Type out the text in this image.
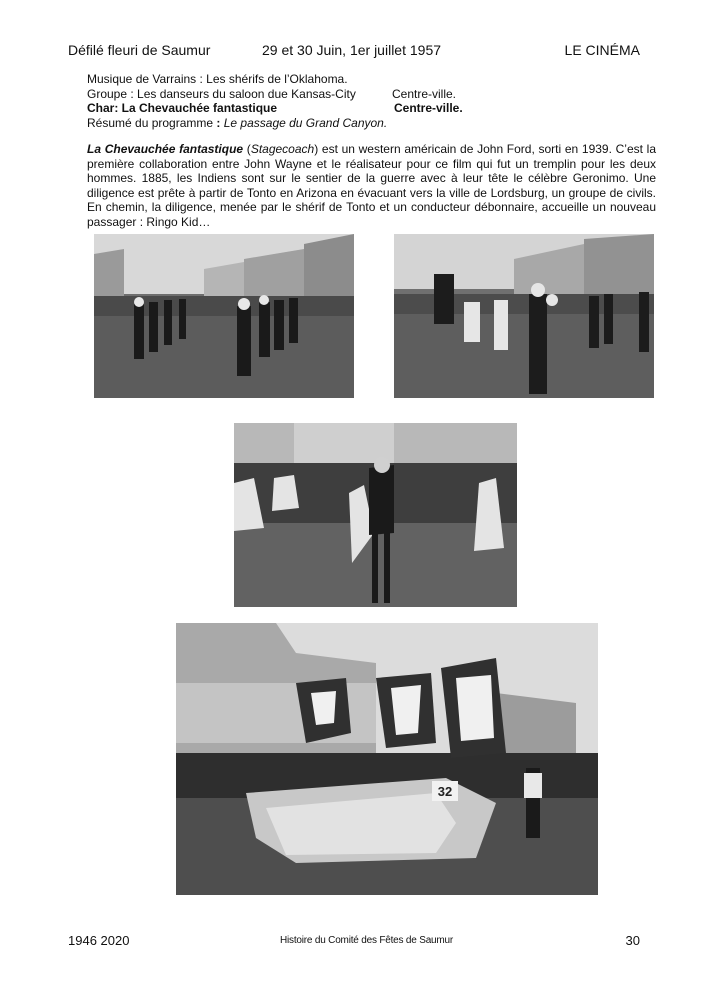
Défilé fleuri de Saumur	29 et 30 Juin, 1er juillet 1957	LE CINÉMA
Musique de Varrains : Les shérifs de l’Oklahoma.
Groupe : Les danseurs du saloon due Kansas-City	Centre-ville.
Char: La Chevauchée fantastique	Centre-ville.
Résumé du programme : Le passage du Grand Canyon.
La Chevauchée fantastique (Stagecoach) est un western américain de John Ford, sorti en 1939. C’est la première collaboration entre John Wayne et le réalisateur pour ce film qui fut un tremplin pour les deux hommes. 1885, les Indiens sont sur le sentier de la guerre avec à leur tête le célèbre Geronimo. Une diligence est prête à partir de Tonto en Arizona en évacuant vers la ville de Lordsburg, un groupe de civils. En chemin, la diligence, menée par le shérif de Tonto et un conducteur débonnaire, accueille un nouveau passager : Ringo Kid…
32
1946 2020	Histoire du Comité des Fêtes de Saumur	30
